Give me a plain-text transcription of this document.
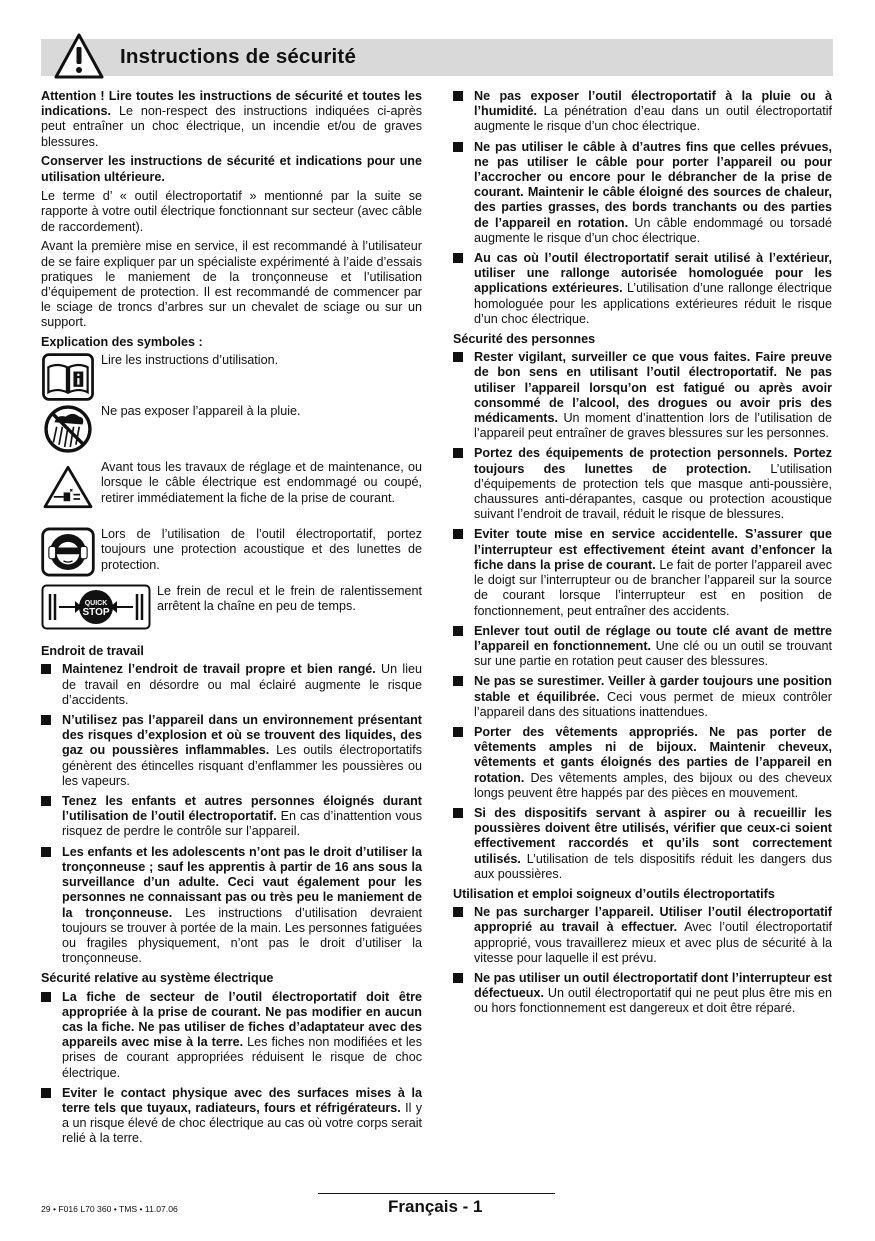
Instructions de sécurité

Attention ! Lire toutes les instructions de sécurité et toutes les indications. Le non-respect des instructions indiquées ci-après peut entraîner un choc électrique, un incendie et/ou de graves blessures.

Conserver les instructions de sécurité et indications pour une utilisation ultérieure.

Le terme d’ « outil électroportatif » mentionné par la suite se rapporte à votre outil électrique fonctionnant sur secteur (avec câble de raccordement).

Avant la première mise en service, il est recommandé à l’utilisateur de se faire expliquer par un spécialiste expérimenté à l’aide d’essais pratiques le maniement de la tronçonneuse et l’utilisation d’équipement de protection. Il est recommandé de commencer par le sciage de troncs d’arbres sur un chevalet de sciage ou sur un support.

Explication des symboles :
Lire les instructions d’utilisation.
Ne pas exposer l’appareil à la pluie.
Avant tous les travaux de réglage et de maintenance, ou lorsque le câble électrique est endommagé ou coupé, retirer immédiatement la fiche de la prise de courant.
Lors de l’utilisation de l’outil électroportatif, portez toujours une protection acoustique et des lunettes de protection.
QUICK
STOP
Le frein de recul et le frein de ralentissement arrêtent la chaîne en peu de temps.
Endroit de travail
Maintenez l’endroit de travail propre et bien rangé. Un lieu de travail en désordre ou mal éclairé augmente le risque d’accidents.
N’utilisez pas l’appareil dans un environnement présentant des risques d’explosion et où se trouvent des liquides, des gaz ou poussières inflammables. Les outils électroportatifs génèrent des étincelles risquant d’enflammer les poussières ou les vapeurs.
Tenez les enfants et autres personnes éloignés durant l’utilisation de l’outil électroportatif. En cas d’inattention vous risquez de perdre le contrôle sur l’appareil.
Les enfants et les adolescents n’ont pas le droit d’utiliser la tronçonneuse ; sauf les apprentis à partir de 16 ans sous la surveillance d’un adulte. Ceci vaut également pour les personnes ne connaissant pas ou très peu le maniement de la tronçonneuse. Les instructions d’utilisation devraient toujours se trouver à portée de la main. Les personnes fatiguées ou fragiles physiquement, n’ont pas le droit d’utiliser la tronçonneuse.
Sécurité relative au système électrique
La fiche de secteur de l’outil électroportatif doit être appropriée à la prise de courant. Ne pas modifier en aucun cas la fiche. Ne pas utiliser de fiches d’adaptateur avec des appareils avec mise à la terre. Les fiches non modifiées et les prises de courant appropriées réduisent le risque de choc électrique.
Eviter le contact physique avec des surfaces mises à la terre tels que tuyaux, radiateurs, fours et réfrigérateurs. Il y a un risque élevé de choc électrique au cas où votre corps serait relié à la terre.
Ne pas exposer l’outil électroportatif à la pluie ou à l’humidité. La pénétration d’eau dans un outil électroportatif augmente le risque d’un choc électrique.
Ne pas utiliser le câble à d’autres fins que celles prévues, ne pas utiliser le câble pour porter l’appareil ou pour l’accrocher ou encore pour le débrancher de la prise de courant. Maintenir le câble éloigné des sources de chaleur, des parties grasses, des bords tranchants ou des parties de l’appareil en rotation. Un câble endommagé ou torsadé augmente le risque d’un choc électrique.
Au cas où l’outil électroportatif serait utilisé à l’extérieur, utiliser une rallonge autorisée homologuée pour les applications extérieures. L’utilisation d’une rallonge électrique homologuée pour les applications extérieures réduit le risque d’un choc électrique.
Sécurité des personnes
Rester vigilant, surveiller ce que vous faites. Faire preuve de bon sens en utilisant l’outil électroportatif. Ne pas utiliser l’appareil lorsqu’on est fatigué ou après avoir consommé de l’alcool, des drogues ou avoir pris des médicaments. Un moment d’inattention lors de l’utilisation de l’appareil peut entraîner de graves blessures sur les personnes.
Portez des équipements de protection personnels. Portez toujours des lunettes de protection. L’utilisation d’équipements de protection tels que masque anti-poussière, chaussures anti-dérapantes, casque ou protection acoustique suivant l’endroit de travail, réduit le risque de blessures.
Eviter toute mise en service accidentelle. S’assurer que l’interrupteur est effectivement éteint avant d’enfoncer la fiche dans la prise de courant. Le fait de porter l’appareil avec le doigt sur l’interrupteur ou de brancher l’appareil sur la source de courant lorsque l’interrupteur est en position de fonctionnement, peut entraîner des accidents.
Enlever tout outil de réglage ou toute clé avant de mettre l’appareil en fonctionnement. Une clé ou un outil se trouvant sur une partie en rotation peut causer des blessures.
Ne pas se surestimer. Veiller à garder toujours une position stable et équilibrée. Ceci vous permet de mieux contrôler l’appareil dans des situations inattendues.
Porter des vêtements appropriés. Ne pas porter de vêtements amples ni de bijoux. Maintenir cheveux, vêtements et gants éloignés des parties de l’appareil en rotation. Des vêtements amples, des bijoux ou des cheveux longs peuvent être happés par des pièces en mouvement.
Si des dispositifs servant à aspirer ou à recueillir les poussières doivent être utilisés, vérifier que ceux-ci soient effectivement raccordés et qu’ils sont correctement utilisés. L’utilisation de tels dispositifs réduit les dangers dus aux poussières.
Utilisation et emploi soigneux d’outils électroportatifs
Ne pas surcharger l’appareil. Utiliser l’outil électroportatif approprié au travail à effectuer. Avec l’outil électroportatif approprié, vous travaillerez mieux et avec plus de sécurité à la vitesse pour laquelle il est prévu.
Ne pas utiliser un outil électroportatif dont l’interrupteur est défectueux. Un outil électroportatif qui ne peut plus être mis en ou hors fonctionnement est dangereux et doit être réparé.
29 • F016 L70 360 • TMS • 11.07.06	Français - 1
